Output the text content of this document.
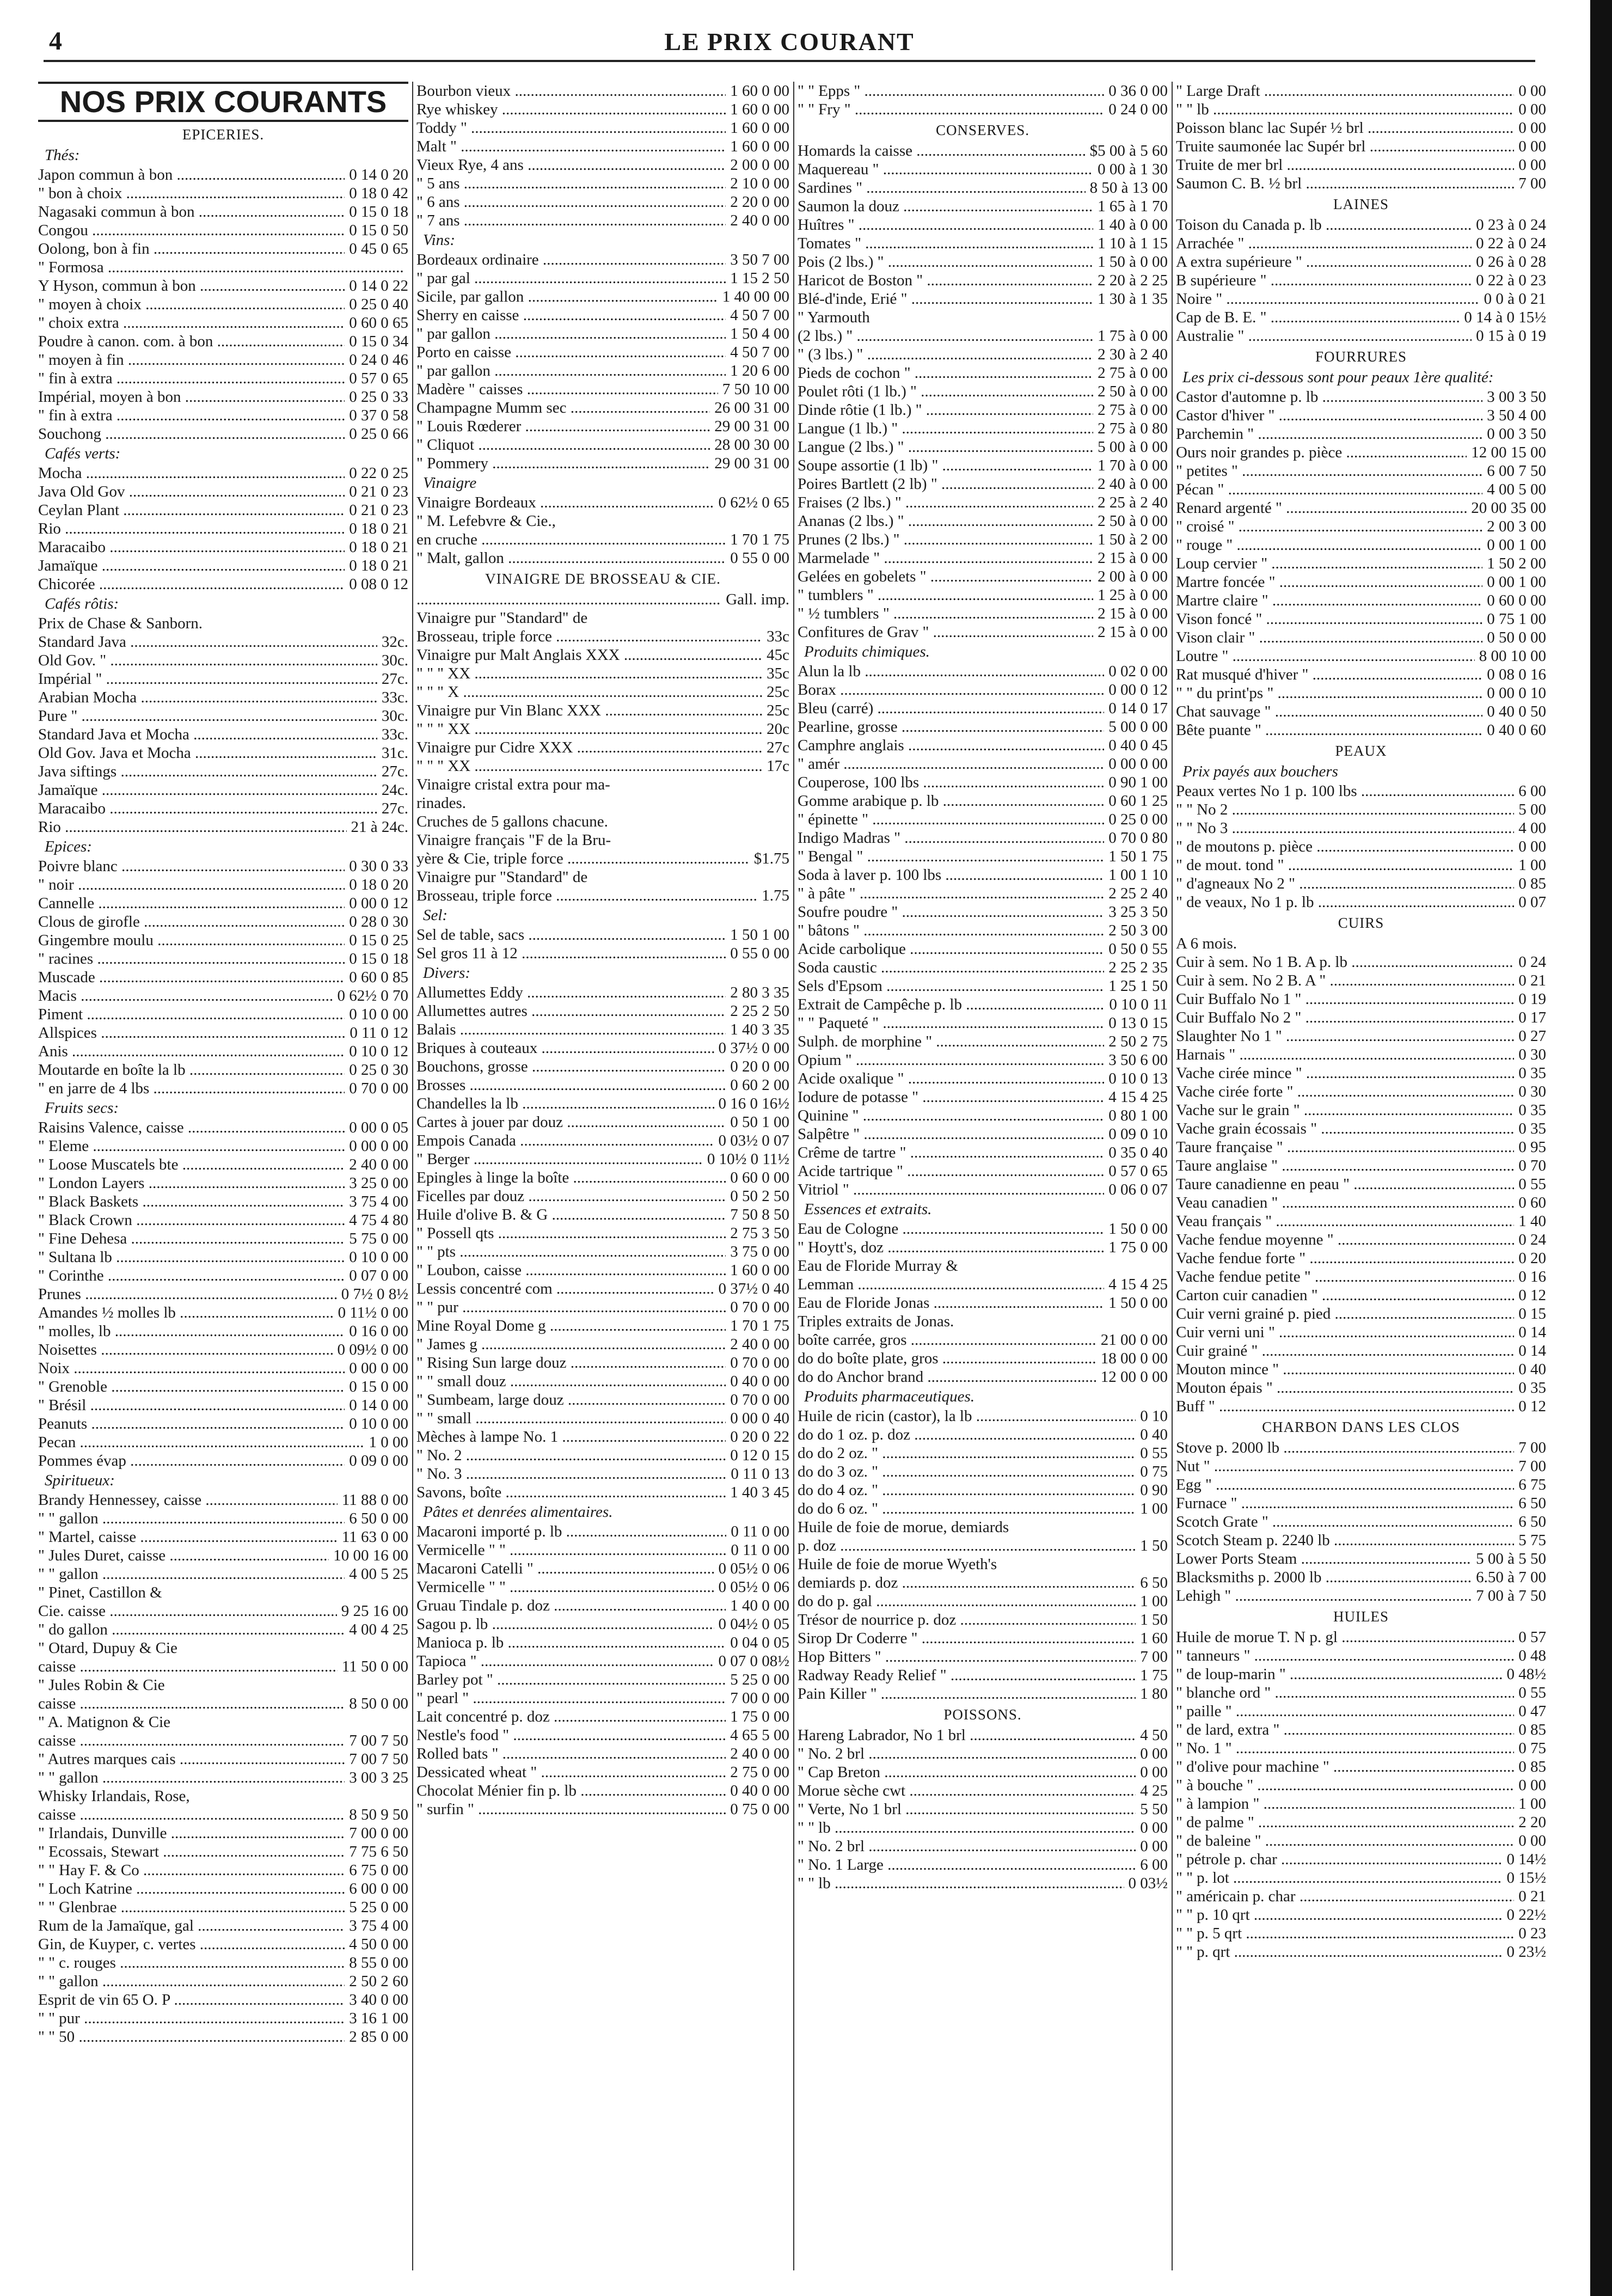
4	LE PRIX COURANT
NOS PRIX COURANTS
EPICERIES.
Thés:
Japon commun à bon .....	0 14 0 20
" bon à choix .....	0 18 0 42
Nagasaki commun à bon .....	0 15 0 18
Congou .....	0 15 0 50
Oolong, bon à fin .....	0 45 0 65
" Formosa .....
Y Hyson, commun à bon .....	0 14 0 22
" moyen à choix .....	0 25 0 40
" choix extra .....	0 60 0 65
Poudre à canon. com. à bon .....	0 15 0 34
" moyen à fin .....	0 24 0 46
" fin à extra .....	0 57 0 65
Impérial, moyen à bon .....	0 25 0 33
" fin à extra .....	0 37 0 58
Souchong .....	0 25 0 66
Cafés verts:
Mocha .....	0 22 0 25
Java Old Gov .....	0 21 0 23
Ceylan Plant .....	0 21 0 23
Rio .....	0 18 0 21
Maracaibo .....	0 18 0 21
Jamaïque .....	0 18 0 21
Chicorée .....	0 08 0 12
Cafés rôtis:
Prix de Chase & Sanborn.
Standard Java .....	32c.
Old Gov. " .....	30c.
Impérial " .....	27c.
Arabian Mocha .....	33c.
Pure " .....	30c.
Standard Java et Mocha .....	33c.
Old Gov. Java et Mocha .....	31c.
Java siftings .....	27c.
Jamaïque .....	24c.
Maracaibo .....	27c.
Rio .....	21 à 24c.
Epices:
Poivre blanc .....	0 30 0 33
" noir .....	0 18 0 20
Cannelle .....	0 00 0 12
Clous de girofle .....	0 28 0 30
Gingembre moulu .....	0 15 0 25
" racines .....	0 15 0 18
Muscade .....	0 60 0 85
Macis .....	0 62½ 0 70
Piment .....	0 10 0 00
Allspices .....	0 11 0 12
Anis .....	0 10 0 12
Moutarde en boîte la lb .....	0 25 0 30
" en jarre de 4 lbs .....	0 70 0 00
Fruits secs:
Raisins Valence, caisse .....	0 00 0 05
" Eleme .....	0 00 0 00
" Loose Muscatels bte .....	2 40 0 00
" London Layers .....	3 25 0 00
" Black Baskets .....	3 75 4 00
" Black Crown .....	4 75 4 80
" Fine Dehesa .....	5 75 0 00
" Sultana lb .....	0 10 0 00
" Corinthe .....	0 07 0 00
Prunes .....	0 7½ 0 8½
Amandes ½ molles lb .....	0 11½ 0 00
" molles, lb .....	0 16 0 00
Noisettes .....	0 09½ 0 00
Noix .....	0 00 0 00
" Grenoble .....	0 15 0 00
" Brésil .....	0 14 0 00
Peanuts .....	0 10 0 00
Pecan .....	1 0 00
Pommes évap .....	0 09 0 00
Spiritueux:
Brandy Hennessey, caisse .....	11 88 0 00
" " gallon .....	6 50 0 00
" Martel, caisse .....	11 63 0 00
" Jules Duret, caisse .....	10 00 16 00
" " gallon .....	4 00 5 25
" Pinet, Castillon &
Cie. caisse .....	9 25 16 00
" do gallon .....	4 00 4 25
" Otard, Dupuy & Cie
caisse .....	11 50 0 00
" Jules Robin & Cie
caisse .....	8 50 0 00
" A. Matignon & Cie
caisse .....	7 00 7 50
" Autres marques cais .....	7 00 7 50
" " gallon .....	3 00 3 25
Whisky Irlandais, Rose,
caisse .....	8 50 9 50
" Irlandais, Dunville .....	7 00 0 00
" Ecossais, Stewart .....	7 75 6 50
" " Hay F. & Co .....	6 75 0 00
" Loch Katrine .....	6 00 0 00
" " Glenbrae .....	5 25 0 00
Rum de la Jamaïque, gal .....	3 75 4 00
Gin, de Kuyper, c. vertes .....	4 50 0 00
" " c. rouges .....	8 55 0 00
" " gallon .....	2 50 2 60
Esprit de vin 65 O. P .....	3 40 0 00
" " pur .....	3 16 1 00
" " 50 .....	2 85 0 00
Bourbon vieux .....	1 60 0 00
Rye whiskey .....	1 60 0 00
Toddy " .....	1 60 0 00
Malt " .....	1 60 0 00
Vieux Rye, 4 ans .....	2 00 0 00
" 5 ans .....	2 10 0 00
" 6 ans .....	2 20 0 00
" 7 ans .....	2 40 0 00
Vins:
Bordeaux ordinaire .....	3 50 7 00
" par gal .....	1 15 2 50
Sicile, par gallon .....	1 40 00 00
Sherry en caisse .....	4 50 7 00
" par gallon .....	1 50 4 00
Porto en caisse .....	4 50 7 00
" par gallon .....	1 20 6 00
Madère " caisses .....	7 50 10 00
Champagne Mumm sec .....	26 00 31 00
" Louis Rœderer .....	29 00 31 00
" Cliquot .....	28 00 30 00
" Pommery .....	29 00 31 00
Vinaigre
Vinaigre Bordeaux .....	0 62½ 0 65
" M. Lefebvre & Cie.,
en cruche .....	1 70 1 75
" Malt, gallon .....	0 55 0 00
VINAIGRE DE BROSSEAU & CIE.
.....
Gall. imp.
Vinaigre pur "Standard" de
Brosseau, triple force .....	33c
Vinaigre pur Malt Anglais XXX .....	45c
" " " XX .....	35c
" " " X .....	25c
Vinaigre pur Vin Blanc XXX .....	25c
" " " XX .....	20c
Vinaigre pur Cidre XXX .....	27c
" " " XX .....	17c
Vinaigre cristal extra pour ma-
rinades.
Cruches de 5 gallons chacune.
Vinaigre français "F de la Bru-
yère & Cie, triple force .....	$1.75
Vinaigre pur "Standard" de
Brosseau, triple force .....	1.75
Sel:
Sel de table, sacs .....	1 50 1 00
Sel gros 11 à 12 .....	0 55 0 00
Divers:
Allumettes Eddy .....	2 80 3 35
Allumettes autres .....	2 25 2 50
Balais .....	1 40 3 35
Briques à couteaux .....	0 37½ 0 00
Bouchons, grosse .....	0 20 0 00
Brosses .....	0 60 2 00
Chandelles la lb .....	0 16 0 16½
Cartes à jouer par douz .....	0 50 1 00
Empois Canada .....	0 03½ 0 07
" Berger .....	0 10½ 0 11½
Epingles à linge la boîte .....	0 60 0 00
Ficelles par douz .....	0 50 2 50
Huile d'olive B. & G .....	7 50 8 50
" Possell qts .....	2 75 3 50
" " pts .....	3 75 0 00
" Loubon, caisse .....	1 60 0 00
Lessis concentré com .....	0 37½ 0 40
" " pur .....	0 70 0 00
Mine Royal Dome g .....	1 70 1 75
" James g .....	2 40 0 00
" Rising Sun large douz .....	0 70 0 00
" " small douz .....	0 40 0 00
" Sumbeam, large douz .....	0 70 0 00
" " small .....	0 00 0 40
Mèches à lampe No. 1 .....	0 20 0 22
" No. 2 .....	0 12 0 15
" No. 3 .....	0 11 0 13
Savons, boîte .....	1 40 3 45
Pâtes et denrées alimentaires.
Macaroni importé p. lb .....	0 11 0 00
Vermicelle " " .....	0 11 0 00
Macaroni Catelli " .....	0 05½ 0 06
Vermicelle " " .....	0 05½ 0 06
Gruau Tindale p. doz .....	1 40 0 00
Sagou p. lb .....	0 04½ 0 05
Manioca p. lb .....	0 04 0 05
Tapioca " .....	0 07 0 08½
Barley pot " .....	5 25 0 00
" pearl " .....	7 00 0 00
Lait concentré p. doz .....	1 75 0 00
Nestle's food " .....	4 65 5 00
Rolled bats " .....	2 40 0 00
Dessicated wheat " .....	2 75 0 00
Chocolat Ménier fin p. lb .....	0 40 0 00
" surfin " .....	0 75 0 00
" " Epps " .....	0 36 0 00
" " Fry " .....	0 24 0 00
CONSERVES.
Homards la caisse .....	$5 00 à 5 60
Maquereau " .....	0 00 à 1 30
Sardines " .....	8 50 à 13 00
Saumon la douz .....	1 65 à 1 70
Huîtres " .....	1 40 à 0 00
Tomates " .....	1 10 à 1 15
Pois (2 lbs.) " .....	1 50 à 0 00
Haricot de Boston " .....	2 20 à 2 25
Blé-d'inde, Erié " .....	1 30 à 1 35
" Yarmouth
(2 lbs.) " .....	1 75 à 0 00
" (3 lbs.) " .....	2 30 à 2 40
Pieds de cochon " .....	2 75 à 0 00
Poulet rôti (1 lb.) " .....	2 50 à 0 00
Dinde rôtie (1 lb.) " .....	2 75 à 0 00
Langue (1 lb.) " .....	2 75 à 0 80
Langue (2 lbs.) " .....	5 00 à 0 00
Soupe assortie (1 lb) " .....	1 70 à 0 00
Poires Bartlett (2 lb) " .....	2 40 à 0 00
Fraises (2 lbs.) " .....	2 25 à 2 40
Ananas (2 lbs.) " .....	2 50 à 0 00
Prunes (2 lbs.) " .....	1 50 à 2 00
Marmelade " .....	2 15 à 0 00
Gelées en gobelets " .....	2 00 à 0 00
" tumblers " .....	1 25 à 0 00
" ½ tumblers " .....	2 15 à 0 00
Confitures de Grav " .....	2 15 à 0 00
Produits chimiques.
Alun la lb .....	0 02 0 00
Borax .....	0 00 0 12
Bleu (carré) .....	0 14 0 17
Pearline, grosse .....	5 00 0 00
Camphre anglais .....	0 40 0 45
" amér .....	0 00 0 00
Couperose, 100 lbs .....	0 90 1 00
Gomme arabique p. lb .....	0 60 1 25
" épinette " .....	0 25 0 00
Indigo Madras " .....	0 70 0 80
" Bengal " .....	1 50 1 75
Soda à laver p. 100 lbs .....	1 00 1 10
" à pâte " .....	2 25 2 40
Soufre poudre " .....	3 25 3 50
" bâtons " .....	2 50 3 00
Acide carbolique .....	0 50 0 55
Soda caustic .....	2 25 2 35
Sels d'Epsom .....	1 25 1 50
Extrait de Campêche p. lb .....	0 10 0 11
" " Paqueté " .....	0 13 0 15
Sulph. de morphine " .....	2 50 2 75
Opium " .....	3 50 6 00
Acide oxalique " .....	0 10 0 13
Iodure de potasse " .....	4 15 4 25
Quinine " .....	0 80 1 00
Salpêtre " .....	0 09 0 10
Crême de tartre " .....	0 35 0 40
Acide tartrique " .....	0 57 0 65
Vitriol " .....	0 06 0 07
Essences et extraits.
Eau de Cologne .....	1 50 0 00
" Hoytt's, doz .....	1 75 0 00
Eau de Floride Murray &
Lemman .....	4 15 4 25
Eau de Floride Jonas .....	1 50 0 00
Triples extraits de Jonas.
boîte carrée, gros .....	21 00 0 00
do do boîte plate, gros .....	18 00 0 00
do do Anchor brand .....	12 00 0 00
Produits pharmaceutiques.
Huile de ricin (castor), la lb .....	0 10
do do 1 oz. p. doz .....	0 40
do do 2 oz. " .....	0 55
do do 3 oz. " .....	0 75
do do 4 oz. " .....	0 90
do do 6 oz. " .....	1 00
Huile de foie de morue, demiards
p. doz .....	1 50
Huile de foie de morue Wyeth's
demiards p. doz .....	6 50
do do p. gal .....	1 00
Trésor de nourrice p. doz .....	1 50
Sirop Dr Coderre " .....	1 60
Hop Bitters " .....	7 00
Radway Ready Relief " .....	1 75
Pain Killer " .....	1 80
POISSONS.
Hareng Labrador, No 1 brl .....	4 50
" No. 2 brl .....	0 00
" Cap Breton .....	0 00
Morue sèche cwt .....	4 25
" Verte, No 1 brl .....	5 50
" " lb .....	0 00
" No. 2 brl .....	0 00
" No. 1 Large .....	6 00
" " lb .....	0 03½
" Large Draft .....	0 00
" " lb .....	0 00
Poisson blanc lac Supér ½ brl .....	0 00
Truite saumonée lac Supér brl .....	0 00
Truite de mer brl .....	0 00
Saumon C. B. ½ brl .....	7 00
LAINES
Toison du Canada p. lb .....	0 23 à 0 24
Arrachée " .....	0 22 à 0 24
A extra supérieure " .....	0 26 à 0 28
B supérieure " .....	0 22 à 0 23
Noire " .....	0 0 à 0 21
Cap de B. E. " .....	0 14 à 0 15½
Australie " .....	0 15 à 0 19
FOURRURES
Les prix ci-dessous sont pour peaux 1ère qualité:
Castor d'automne p. lb .....	3 00 3 50
Castor d'hiver " .....	3 50 4 00
Parchemin " .....	0 00 3 50
Ours noir grandes p. pièce .....	12 00 15 00
" petites " .....	6 00 7 50
Pécan " .....	4 00 5 00
Renard argenté " .....	20 00 35 00
" croisé " .....	2 00 3 00
" rouge " .....	0 00 1 00
Loup cervier " .....	1 50 2 00
Martre foncée " .....	0 00 1 00
Martre claire " .....	0 60 0 00
Vison foncé " .....	0 75 1 00
Vison clair " .....	0 50 0 00
Loutre " .....	8 00 10 00
Rat musqué d'hiver " .....	0 08 0 16
" " du print'ps " .....	0 00 0 10
Chat sauvage " .....	0 40 0 50
Bête puante " .....	0 40 0 60
PEAUX
Prix payés aux bouchers
Peaux vertes No 1 p. 100 lbs .....	6 00
" " No 2 .....	5 00
" " No 3 .....	4 00
" de moutons p. pièce .....	0 00
" de mout. tond " .....	1 00
" d'agneaux No 2 " .....	0 85
" de veaux, No 1 p. lb .....	0 07
CUIRS
A 6 mois.
Cuir à sem. No 1 B. A p. lb .....	0 24
Cuir à sem. No 2 B. A " .....	0 21
Cuir Buffalo No 1 " .....	0 19
Cuir Buffalo No 2 " .....	0 17
Slaughter No 1 " .....	0 27
Harnais " .....	0 30
Vache cirée mince " .....	0 35
Vache cirée forte " .....	0 30
Vache sur le grain " .....	0 35
Vache grain écossais " .....	0 35
Taure française " .....	0 95
Taure anglaise " .....	0 70
Taure canadienne en peau " .....	0 55
Veau canadien " .....	0 60
Veau français " .....	1 40
Vache fendue moyenne " .....	0 24
Vache fendue forte " .....	0 20
Vache fendue petite " .....	0 16
Carton cuir canadien " .....	0 12
Cuir verni grainé p. pied .....	0 15
Cuir verni uni " .....	0 14
Cuir grainé " .....	0 14
Mouton mince " .....	0 40
Mouton épais " .....	0 35
Buff " .....	0 12
CHARBON DANS LES CLOS
Stove p. 2000 lb .....	7 00
Nut " .....	7 00
Egg " .....	6 75
Furnace " .....	6 50
Scotch Grate " .....	6 50
Scotch Steam p. 2240 lb .....	5 75
Lower Ports Steam .....	5 00 à 5 50
Blacksmiths p. 2000 lb .....	6.50 à 7 00
Lehigh " .....	7 00 à 7 50
HUILES
Huile de morue T. N p. gl .....	0 57
" tanneurs " .....	0 48
" de loup-marin " .....	0 48½
" blanche ord " .....	0 55
" paille " .....	0 47
" de lard, extra " .....	0 85
" No. 1 " .....	0 75
" d'olive pour machine " .....	0 85
" à bouche " .....	0 00
" à lampion " .....	1 00
" de palme " .....	2 20
" de baleine " .....	0 00
" pétrole p. char .....	0 14½
" " p. lot .....	0 15½
" américain p. char .....	0 21
" " p. 10 qrt .....	0 22½
" " p. 5 qrt .....	0 23
" " p. qrt .....	0 23½
